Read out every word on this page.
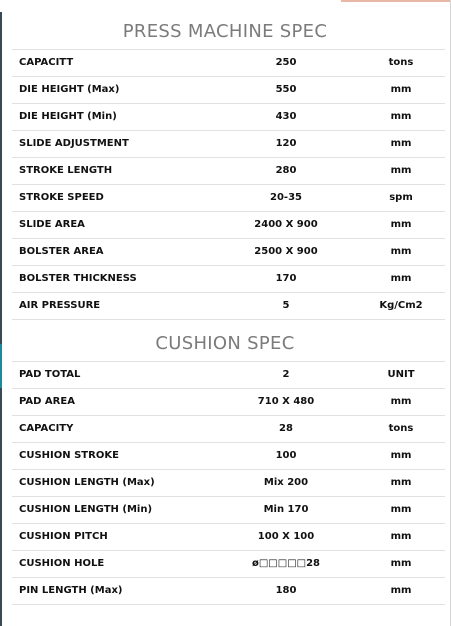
PRESS MACHINE SPEC
CAPACITT	250	tons
DIE HEIGHT (Max)	550	mm
DIE HEIGHT (Min)	430	mm
SLIDE ADJUSTMENT	120	mm
STROKE LENGTH	280	mm
STROKE SPEED	20-35	spm
SLIDE AREA	2400 X 900	mm
BOLSTER AREA	2500 X 900	mm
BOLSTER THICKNESS	170	mm
AIR PRESSURE	5	Kg/Cm2
CUSHION SPEC
PAD TOTAL	2	UNIT
PAD AREA	710 X 480	mm
CAPACITY	28	tons
CUSHION STROKE	100	mm
CUSHION LENGTH (Max)	Mix 200	mm
CUSHION LENGTH (Min)	Min 170	mm
CUSHION PITCH	100 X 100	mm
CUSHION HOLE	ø□□□□□28	mm
PIN LENGTH (Max)	180	mm
